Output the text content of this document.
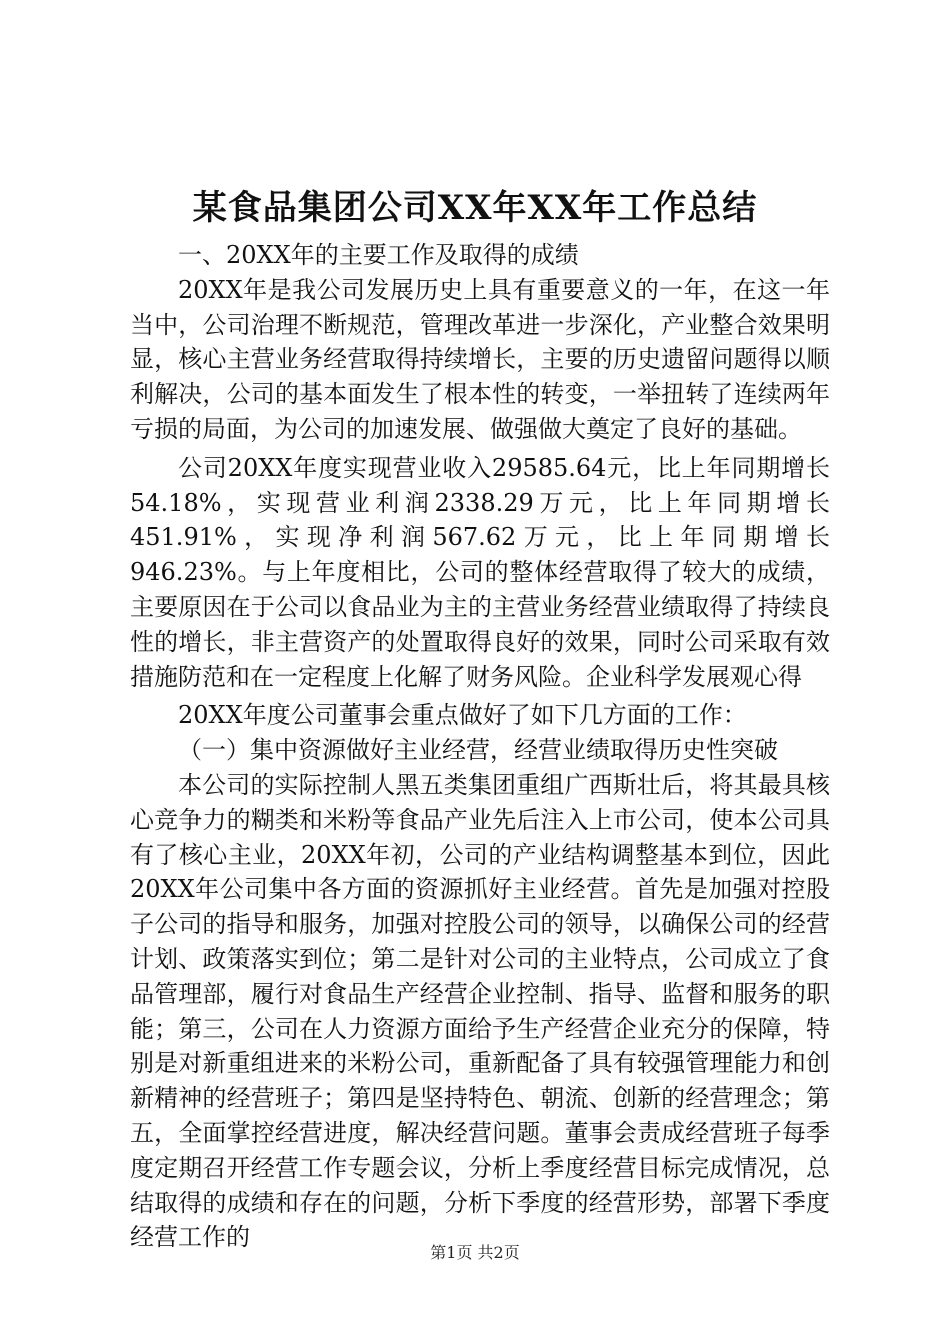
某食品集团公司XX年XX年工作总结

一、20XX年的主要工作及取得的成绩

20XX年是我公司发展历史上具有重要意义的一年，在这一年当中，公司治理不断规范，管理改革进一步深化，产业整合效果明显，核心主营业务经营取得持续增长，主要的历史遗留问题得以顺利解决，公司的基本面发生了根本性的转变，一举扭转了连续两年亏损的局面，为公司的加速发展、做强做大奠定了良好的基础。

公司20XX年度实现营业收入29585.64元，比上年同期增长54.18%，实现营业利润2338.29万元，比上年同期增长451.91%，实现净利润567.62万元，比上年同期增长946.23%。与上年度相比，公司的整体经营取得了较大的成绩，主要原因在于公司以食品业为主的主营业务经营业绩取得了持续良性的增长，非主营资产的处置取得良好的效果，同时公司采取有效措施防范和在一定程度上化解了财务风险。企业科学发展观心得

20XX年度公司董事会重点做好了如下几方面的工作：

（一）集中资源做好主业经营，经营业绩取得历史性突破

本公司的实际控制人黑五类集团重组广西斯壮后，将其最具核心竞争力的糊类和米粉等食品产业先后注入上市公司，使本公司具有了核心主业，20XX年初，公司的产业结构调整基本到位，因此20XX年公司集中各方面的资源抓好主业经营。首先是加强对控股子公司的指导和服务，加强对控股公司的领导，以确保公司的经营计划、政策落实到位；第二是针对公司的主业特点，公司成立了食品管理部，履行对食品生产经营企业控制、指导、监督和服务的职能；第三，公司在人力资源方面给予生产经营企业充分的保障，特别是对新重组进来的米粉公司，重新配备了具有较强管理能力和创新精神的经营班子；第四是坚持特色、朝流、创新的经营理念；第五，全面掌控经营进度，解决经营问题。董事会责成经营班子每季度定期召开经营工作专题会议，分析上季度经营目标完成情况，总结取得的成绩和存在的问题，分析下季度的经营形势，部署下季度经营工作的

第1页 共2页
